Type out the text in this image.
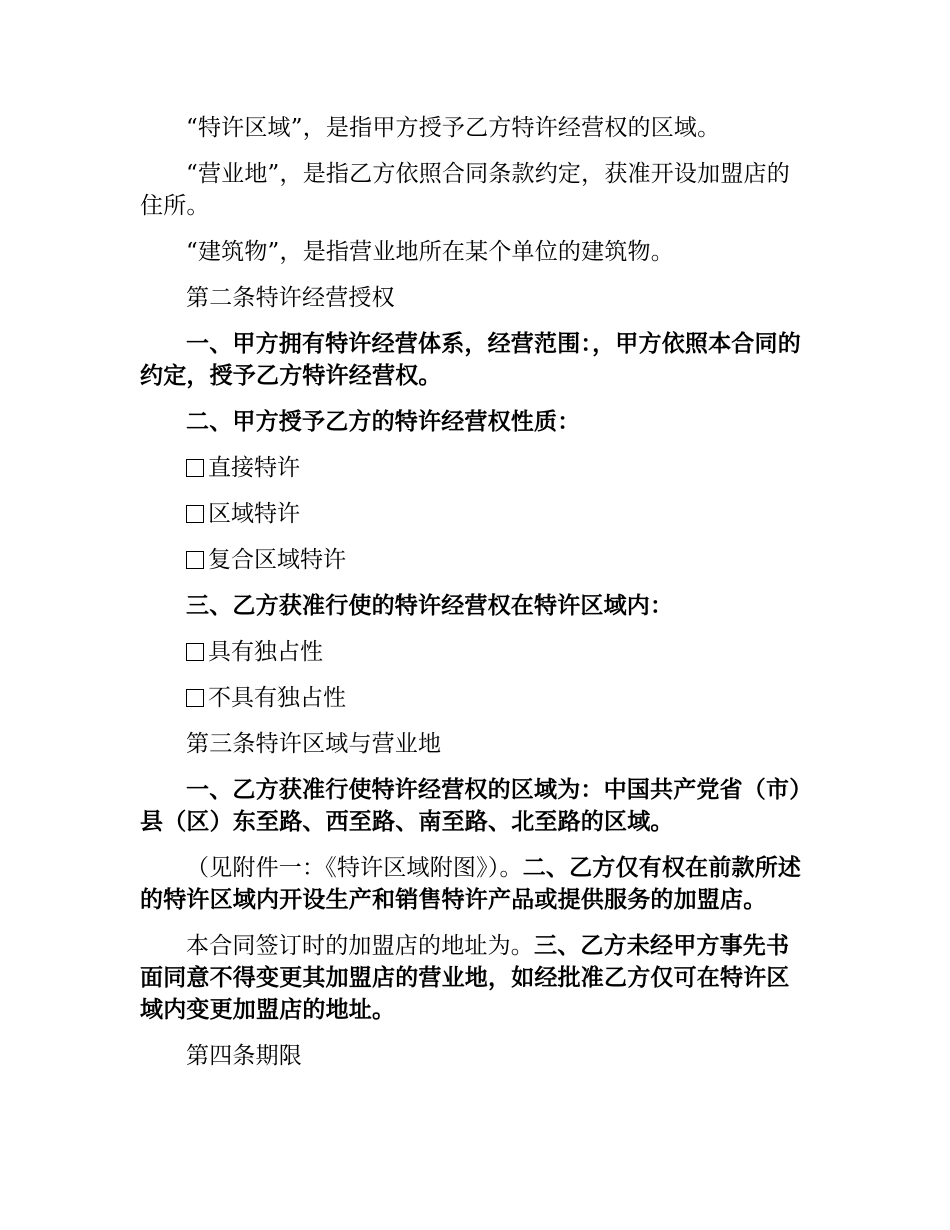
“特许区域”，是指甲方授予乙方特许经营权的区域。

“营业地”，是指乙方依照合同条款约定，获准开设加盟店的住所。

“建筑物”，是指营业地所在某个单位的建筑物。

第二条特许经营授权

一、甲方拥有特许经营体系，经营范围：，甲方依照本合同的约定，授予乙方特许经营权。

二、甲方授予乙方的特许经营权性质：

直接特许
区域特许
复合区域特许

三、乙方获准行使的特许经营权在特许区域内：

具有独占性
不具有独占性

第三条特许区域与营业地

一、乙方获准行使特许经营权的区域为：中国共产党省（市）县（区）东至路、西至路、南至路、北至路的区域。

（见附件一：《特许区域附图》）。二、乙方仅有权在前款所述的特许区域内开设生产和销售特许产品或提供服务的加盟店。

本合同签订时的加盟店的地址为。三、乙方未经甲方事先书面同意不得变更其加盟店的营业地，如经批准乙方仅可在特许区域内变更加盟店的地址。

第四条期限
